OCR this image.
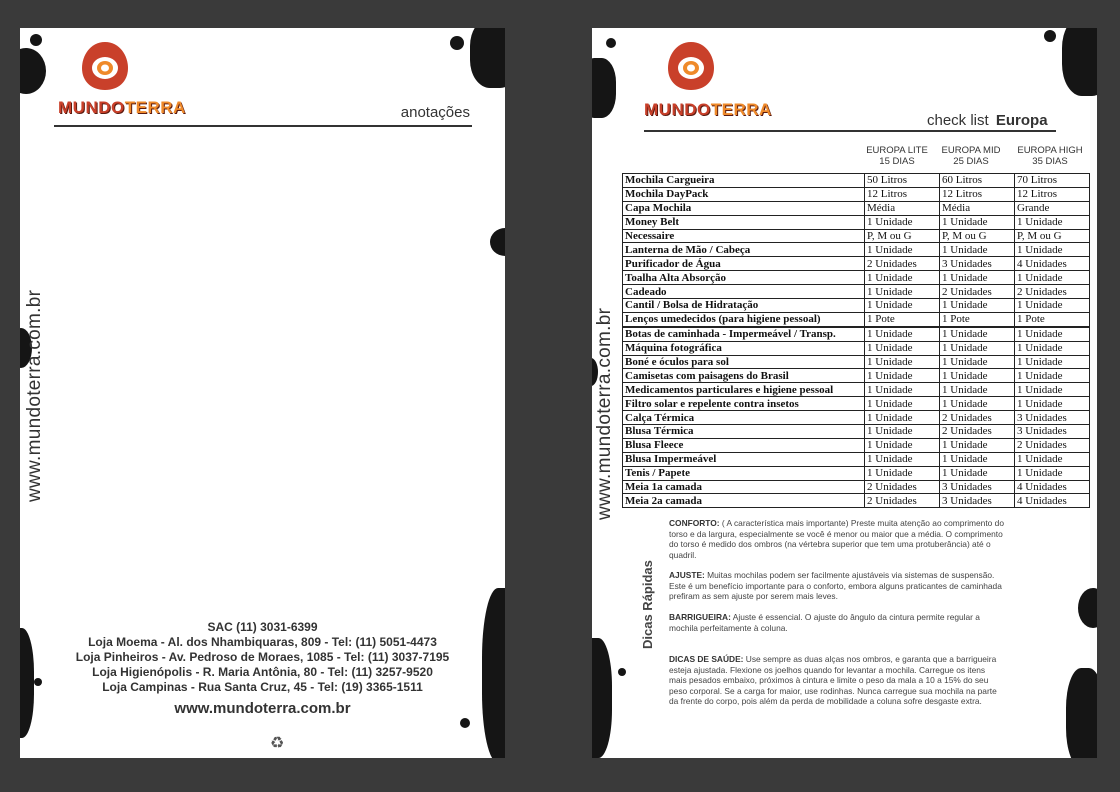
MUNDOTERRA	anotações
www.mundoterra.com.br
SAC (11) 3031-6399
Loja Moema - Al. dos Nhambiquaras, 809 - Tel: (11) 5051-4473
Loja Pinheiros - Av. Pedroso de Moraes, 1085 - Tel: (11) 3037-7195
Loja Higienópolis - R. Maria Antônia, 80 - Tel: (11) 3257-9520
Loja Campinas - Rua Santa Cruz, 45 - Tel: (19) 3365-1511
www.mundoterra.com.br
♻
MUNDOTERRA
check list Europa
www.mundoterra.com.br
EUROPA LITE
15 DIAS
EUROPA MID
25 DIAS
EUROPA HIGH
35 DIAS
Mochila Cargueira	50 Litros	60 Litros	70 Litros
Mochila DayPack	12 Litros	12 Litros	12 Litros
Capa Mochila	Média	Média	Grande
Money Belt	1 Unidade	1 Unidade	1 Unidade
Necessaire	P, M ou G	P, M ou G	P, M ou G
Lanterna de Mão / Cabeça	1 Unidade	1 Unidade	1 Unidade
Purificador de Água	2 Unidades	3 Unidades	4 Unidades
Toalha Alta Absorção	1 Unidade	1 Unidade	1 Unidade
Cadeado	1 Unidade	2 Unidades	2 Unidades
Cantil / Bolsa de Hidratação	1 Unidade	1 Unidade	1 Unidade
Lenços umedecidos (para higiene pessoal)	1 Pote	1 Pote	1 Pote
Botas de caminhada - Impermeável / Transp.	1 Unidade	1 Unidade	1 Unidade
Máquina fotográfica	1 Unidade	1 Unidade	1 Unidade
Boné e óculos para sol	1 Unidade	1 Unidade	1 Unidade
Camisetas com paisagens do Brasil	1 Unidade	1 Unidade	1 Unidade
Medicamentos particulares e higiene pessoal	1 Unidade	1 Unidade	1 Unidade
Filtro solar e repelente contra insetos	1 Unidade	1 Unidade	1 Unidade
Calça Térmica	1 Unidade	2 Unidades	3 Unidades
Blusa Térmica	1 Unidade	2 Unidades	3 Unidades
Blusa Fleece	1 Unidade	1 Unidade	2 Unidades
Blusa Impermeável	1 Unidade	1 Unidade	1 Unidade
Tenis / Papete	1 Unidade	1 Unidade	1 Unidade
Meia 1a camada	2 Unidades	3 Unidades	4 Unidades
Meia 2a camada	2 Unidades	3 Unidades	4 Unidades
Dicas Rápidas
CONFORTO: ( A característica mais importante) Preste muita atenção ao comprimento do torso e da largura, especialmente se você é menor ou maior que a média. O comprimento do torso é medido dos ombros (na vértebra superior que tem uma protuberância) até o quadril.
AJUSTE: Muitas mochilas podem ser facilmente ajustáveis via sistemas de suspensão. Este é um benefício importante para o conforto, embora alguns praticantes de caminhada prefiram as sem ajuste por serem mais leves.
BARRIGUEIRA: Ajuste é essencial. O ajuste do ângulo da cintura permite regular a mochila perfeitamente à coluna.
DICAS DE SAÚDE: Use sempre as duas alças nos ombros, e garanta que a barrigueira esteja ajustada. Flexione os joelhos quando for levantar a mochila. Carregue os itens mais pesados embaixo, próximos à cintura e limite o peso da mala a 10 a 15% do seu peso corporal. Se a carga for maior, use rodinhas. Nunca carregue sua mochila na parte da frente do corpo, pois além da perda de mobilidade a coluna sofre desgaste extra.
